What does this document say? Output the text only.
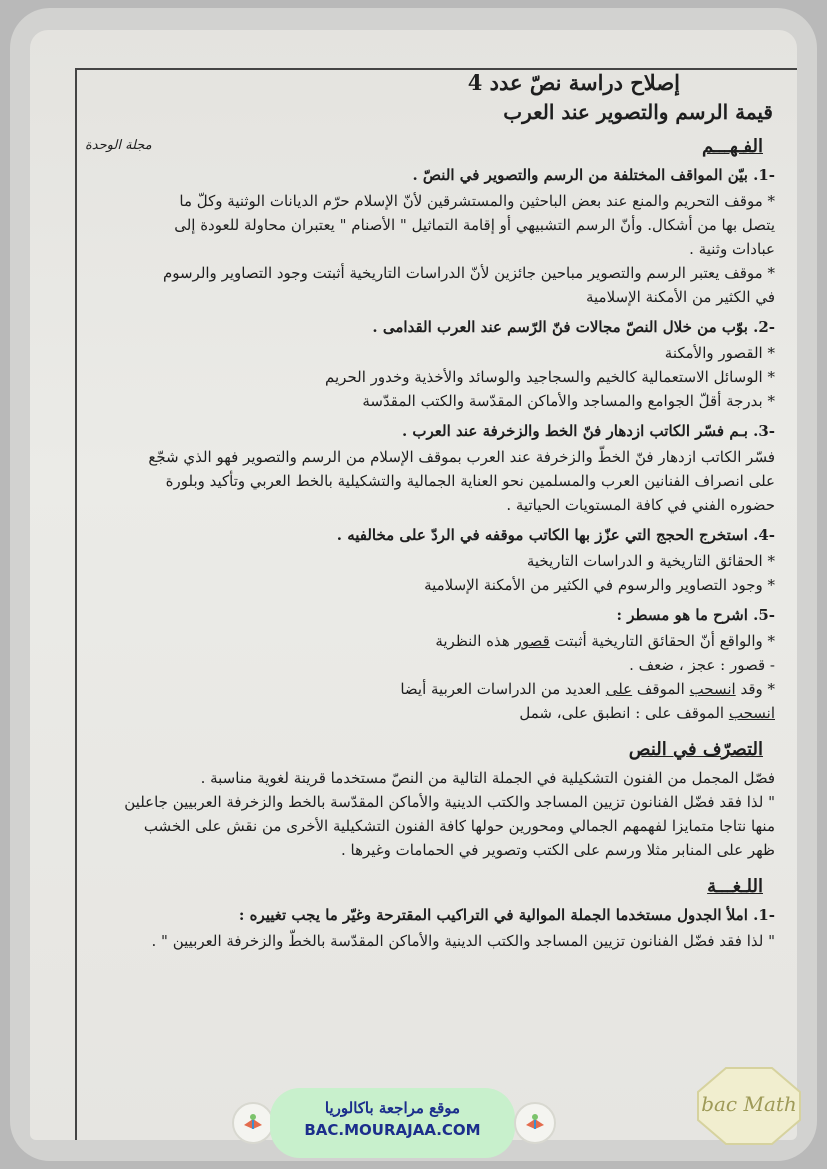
إصلاح دراسة نصّ عدد 4
قيمة الرسم والتصوير عند العرب
مجلة الوحدة	الفـهـــم

-1. بيّن المواقف المختلفة من الرسم والتصوير في النصّ .

* موقف التحريم والمنع عند بعض الباحثين والمستشرقين لأنّ الإسلام حرّم الديانات الوثنية وكلّ ما

يتصل بها من أشكال. وأنّ الرسم التشبيهي أو إقامة التماثيل " الأصنام " يعتبران محاولة للعودة إلى

عبادات وثنية .

* موقف يعتبر الرسم والتصوير مباحين جائزين لأنّ الدراسات التاريخية أثبتت وجود التصاوير والرسوم

في الكثير من الأمكنة الإسلامية

-2. بوّب من خلال النصّ مجالات فنّ الرّسم عند العرب القدامى .

* القصور والأمكنة

* الوسائل الاستعمالية كالخيم والسجاجيد والوسائد والأخذية وخدور الحريم

* بدرجة أقلّ الجوامع والمساجد والأماكن المقدّسة والكتب المقدّسة

-3. بـم فسّر الكاتب ازدهار فنّ الخط والزخرفة عند العرب .

فسّر الكاتب ازدهار فنّ الخطّ والزخرفة عند العرب بموقف الإسلام من الرسم والتصوير فهو الذي شجّع

على انصراف الفنانين العرب والمسلمين نحو العناية الجمالية والتشكيلية بالخط العربي وتأكيد وبلورة

حضوره الفني في كافة المستويات الحياتية .

-4. استخرج الحجج التي عزّز بها الكاتب موقفه في الردّ على مخالفيه .

* الحقائق التاريخية و الدراسات التاريخية

* وجود التصاوير والرسوم في الكثير من الأمكنة الإسلامية

-5. اشرح ما هو مسطر :

* والواقع أنّ الحقائق التاريخية أثبتت قصور هذه النظرية

- قصور : عجز ، ضعف .

* وقد انسحب الموقف على العديد من الدراسات العربية أيضا

انسحب الموقف على : انطبق على، شمل

التصرّف في النص

فصّل المجمل من الفنون التشكيلية في الجملة التالية من النصّ مستخدما قرينة لغوية مناسبة .

" لذا فقد فضّل الفنانون تزيين المساجد والكتب الدينية والأماكن المقدّسة بالخط والزخرفة العربيين جاعلين

منها نتاجا متمايزا لفهمهم الجمالي ومحورين حولها كافة الفنون التشكيلية الأخرى من نقش على الخشب

ظهر على المنابر مثلا ورسم على الكتب وتصوير في الحمامات وغيرها .

اللـغـــة

-1. املأ الجدول مستخدما الجملة الموالية في التراكيب المقترحة وغيّر ما يجب تغييره :

" لذا فقد فضّل الفنانون تزيين المساجد والكتب الدينية والأماكن المقدّسة بالخطّ والزخرفة العربيين " .

موقع مراجعة باكالوريا
BAC.MOURAJAA.COM
bac Math
